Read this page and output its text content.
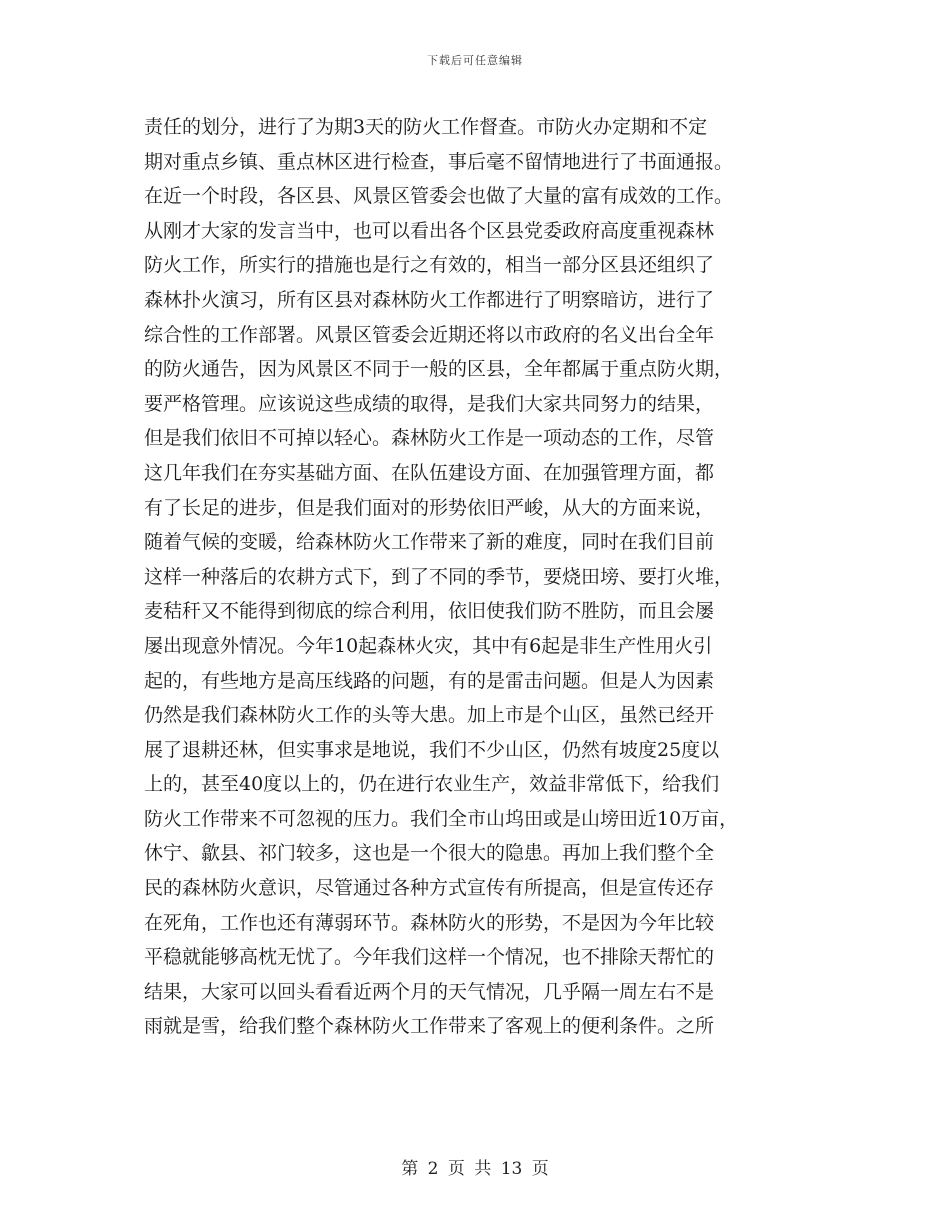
下载后可任意编辑
责任的划分，进行了为期3天的防火工作督查。市防火办定期和不定
期对重点乡镇、重点林区进行检查，事后毫不留情地进行了书面通报。
在近一个时段，各区县、风景区管委会也做了大量的富有成效的工作。
从刚才大家的发言当中，也可以看出各个区县党委政府高度重视森林
防火工作，所实行的措施也是行之有效的，相当一部分区县还组织了
森林扑火演习，所有区县对森林防火工作都进行了明察暗访，进行了
综合性的工作部署。风景区管委会近期还将以市政府的名义出台全年
的防火通告，因为风景区不同于一般的区县，全年都属于重点防火期，
要严格管理。应该说这些成绩的取得，是我们大家共同努力的结果，
但是我们依旧不可掉以轻心。森林防火工作是一项动态的工作，尽管
这几年我们在夯实基础方面、在队伍建设方面、在加强管理方面，都
有了长足的进步，但是我们面对的形势依旧严峻，从大的方面来说，
随着气候的变暖，给森林防火工作带来了新的难度，同时在我们目前
这样一种落后的农耕方式下，到了不同的季节，要烧田塝、要打火堆，
麦秸秆又不能得到彻底的综合利用，依旧使我们防不胜防，而且会屡
屡出现意外情况。今年10起森林火灾，其中有6起是非生产性用火引
起的，有些地方是高压线路的问题，有的是雷击问题。但是人为因素
仍然是我们森林防火工作的头等大患。加上市是个山区，虽然已经开
展了退耕还林，但实事求是地说，我们不少山区，仍然有坡度25度以
上的，甚至40度以上的，仍在进行农业生产，效益非常低下，给我们
防火工作带来不可忽视的压力。我们全市山坞田或是山塝田近10万亩，
休宁、歙县、祁门较多，这也是一个很大的隐患。再加上我们整个全
民的森林防火意识，尽管通过各种方式宣传有所提高，但是宣传还存
在死角，工作也还有薄弱环节。森林防火的形势，不是因为今年比较
平稳就能够高枕无忧了。今年我们这样一个情况，也不排除天帮忙的
结果，大家可以回头看看近两个月的天气情况，几乎隔一周左右不是
雨就是雪，给我们整个森林防火工作带来了客观上的便利条件。之所
第 2 页 共 13 页
